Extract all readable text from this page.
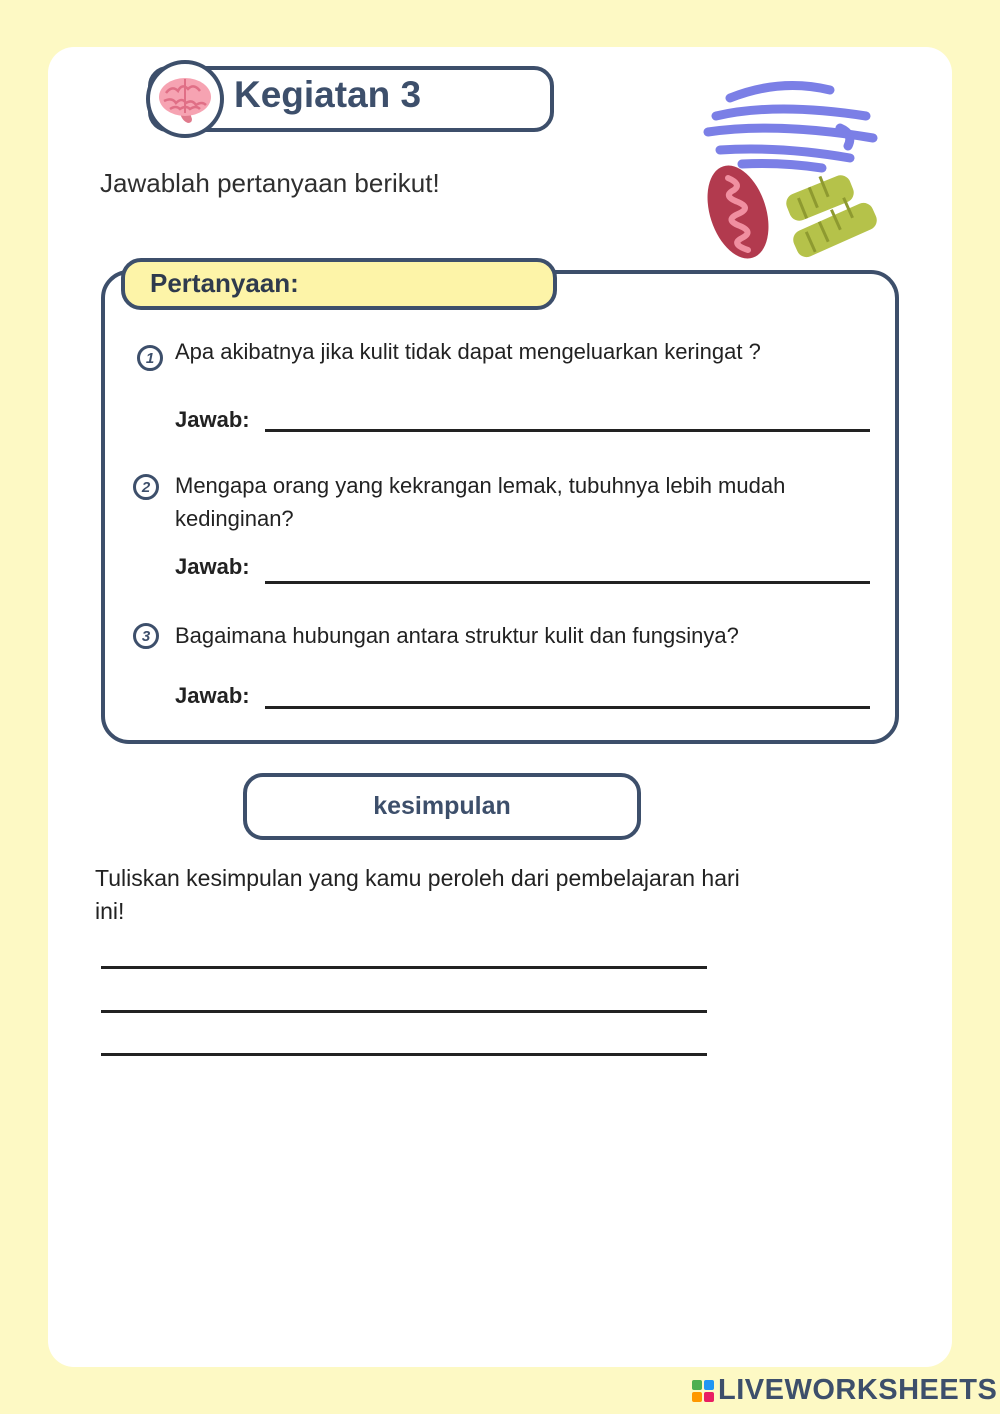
Kegiatan 3
Jawablah pertanyaan berikut!
Pertanyaan:
1 Apa akibatnya jika kulit tidak dapat mengeluarkan keringat ?
Jawab:
2	Mengapa orang yang kekrangan lemak, tubuhnya lebih mudah kedinginan?
Jawab:
3	Bagaimana hubungan antara struktur kulit dan fungsinya?
Jawab:
kesimpulan
Tuliskan kesimpulan yang kamu peroleh dari pembelajaran hari ini!
LIVEWORKSHEETS
